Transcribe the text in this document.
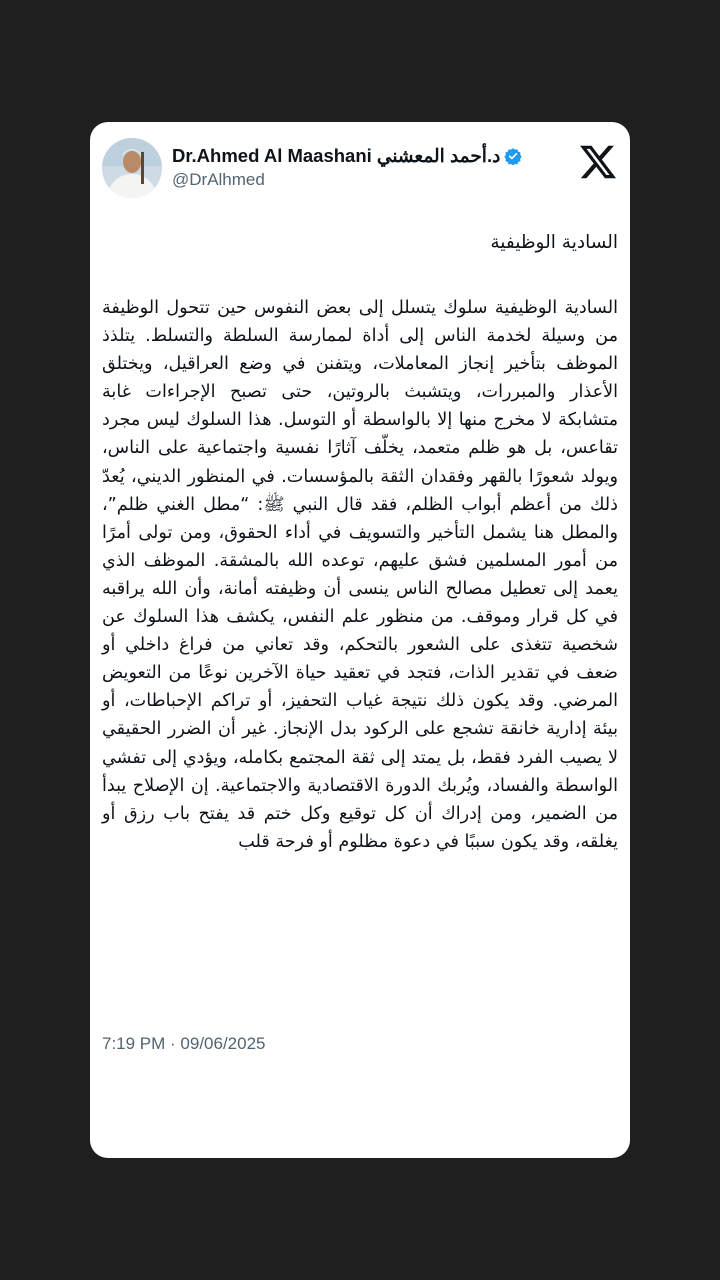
Dr.Ahmed Al Maashani د.أحمد المعشني
@DrAlhmed
السادية الوظيفية
السادية الوظيفية سلوك يتسلل إلى بعض النفوس حين تتحول الوظيفة من وسيلة لخدمة الناس إلى أداة لممارسة السلطة والتسلط. يتلذذ الموظف بتأخير إنجاز المعاملات، ويتفنن في وضع العراقيل، ويختلق الأعذار والمبررات، ويتشبث بالروتين، حتى تصبح الإجراءات غابة متشابكة لا مخرج منها إلا بالواسطة أو التوسل. هذا السلوك ليس مجرد تقاعس، بل هو ظلم متعمد، يخلّف آثارًا نفسية واجتماعية على الناس، ويولد شعورًا بالقهر وفقدان الثقة بالمؤسسات. في المنظور الديني، يُعدّ ذلك من أعظم أبواب الظلم، فقد قال النبي ﷺ: “مطل الغني ظلم”، والمطل هنا يشمل التأخير والتسويف في أداء الحقوق، ومن تولى أمرًا من أمور المسلمين فشق عليهم، توعده الله بالمشقة. الموظف الذي يعمد إلى تعطيل مصالح الناس ينسى أن وظيفته أمانة، وأن الله يراقبه في كل قرار وموقف. من منظور علم النفس، يكشف هذا السلوك عن شخصية تتغذى على الشعور بالتحكم، وقد تعاني من فراغ داخلي أو ضعف في تقدير الذات، فتجد في تعقيد حياة الآخرين نوعًا من التعويض المرضي. وقد يكون ذلك نتيجة غياب التحفيز، أو تراكم الإحباطات، أو بيئة إدارية خانقة تشجع على الركود بدل الإنجاز. غير أن الضرر الحقيقي لا يصيب الفرد فقط، بل يمتد إلى ثقة المجتمع بكامله، ويؤدي إلى تفشي الواسطة والفساد، ويُربك الدورة الاقتصادية والاجتماعية. إن الإصلاح يبدأ من الضمير، ومن إدراك أن كل توقيع وكل ختم قد يفتح باب رزق أو يغلقه، وقد يكون سببًا في دعوة مظلوم أو فرحة قلب
7:19 PM · 09/06/2025
